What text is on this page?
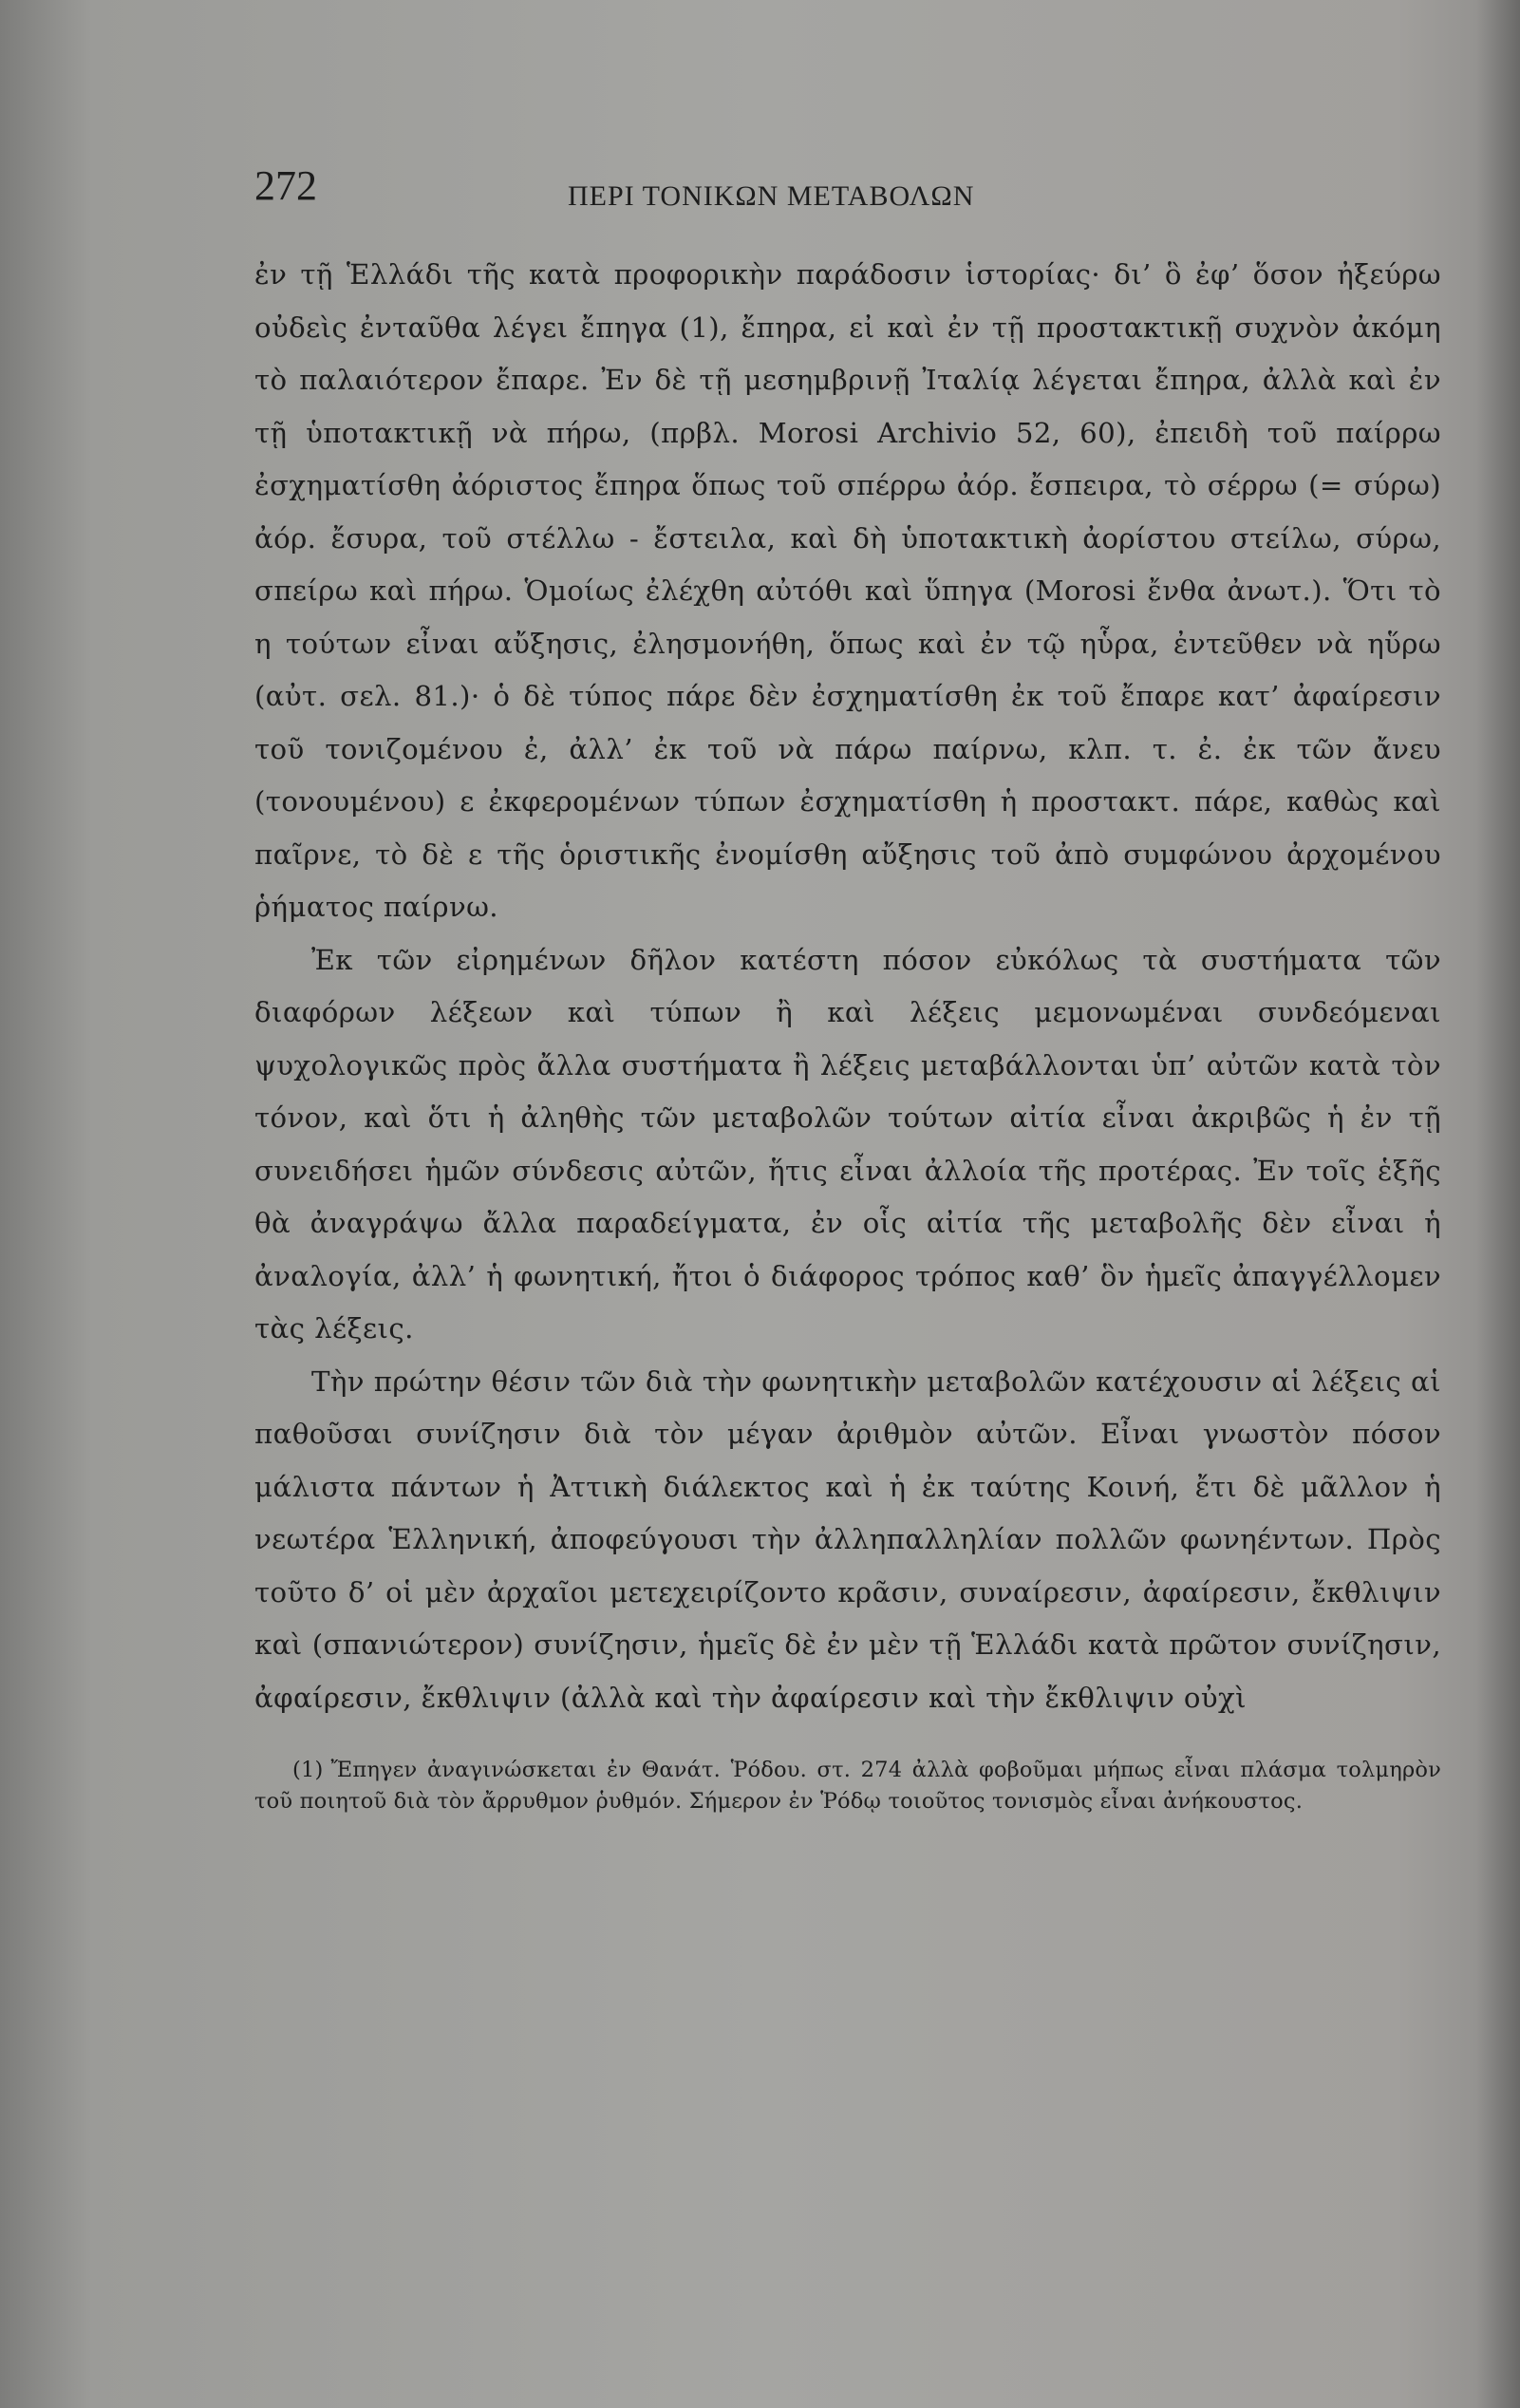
272	ΠΕΡΙ ΤΟΝΙΚΩΝ ΜΕΤΑΒΟΛΩΝ

ἐν τῇ Ἑλλάδι τῆς κατὰ προφορικὴν παράδοσιν ἱστορίας· δι’ ὃ ἐφ’ ὅσον ἠξεύρω οὐδεὶς ἐνταῦθα λέγει ἔπηγα (1), ἔπηρα, εἰ καὶ ἐν τῇ προστακτικῇ συχνὸν ἀκόμη τὸ παλαιότερον ἔπαρε. Ἐν δὲ τῇ μεσημβρινῇ Ἰταλίᾳ λέγεται ἔπηρα, ἀλλὰ καὶ ἐν τῇ ὑποτακτικῇ νὰ πήρω, (πρβλ. Morosi Archivio 52, 60), ἐπειδὴ τοῦ παίρρω ἐσχηματίσθη ἀόριστος ἔπηρα ὅπως τοῦ σπέρρω ἀόρ. ἔσπειρα, τὸ σέρρω (= σύρω) ἀόρ. ἔσυρα, τοῦ στέλλω - ἔστειλα, καὶ δὴ ὑποτακτικὴ ἀορίστου στείλω, σύρω, σπείρω καὶ πήρω. Ὁμοίως ἐλέχθη αὐτόθι καὶ ὕπηγα (Morosi ἔνθα ἀνωτ.). Ὅτι τὸ η τούτων εἶναι αὔξησις, ἐλησμονήθη, ὅπως καὶ ἐν τῷ ηὗρα, ἐντεῦθεν νὰ ηὕρω (αὐτ. σελ. 81.)· ὁ δὲ τύπος πάρε δὲν ἐσχηματίσθη ἐκ τοῦ ἔπαρε κατ’ ἀφαίρεσιν τοῦ τονιζομένου ἐ, ἀλλ’ ἐκ τοῦ νὰ πάρω παίρνω, κλπ. τ. ἐ. ἐκ τῶν ἄνευ (τονουμένου) ε ἐκφερομένων τύπων ἐσχηματίσθη ἡ προστακτ. πάρε, καθὼς καὶ παῖρνε, τὸ δὲ ε τῆς ὁριστικῆς ἐνομίσθη αὔξησις τοῦ ἀπὸ συμφώνου ἀρχομένου ῥήματος παίρνω.

Ἐκ τῶν εἰρημένων δῆλον κατέστη πόσον εὐκόλως τὰ συστήματα τῶν διαφόρων λέξεων καὶ τύπων ἢ καὶ λέξεις μεμονωμέναι συνδεόμεναι ψυχολογικῶς πρὸς ἄλλα συστήματα ἢ λέξεις μεταβάλλονται ὑπ’ αὐτῶν κατὰ τὸν τόνον, καὶ ὅτι ἡ ἀληθὴς τῶν μεταβολῶν τούτων αἰτία εἶναι ἀκριβῶς ἡ ἐν τῇ συνειδήσει ἡμῶν σύνδεσις αὐτῶν, ἥτις εἶναι ἀλλοία τῆς προτέρας. Ἐν τοῖς ἑξῆς θὰ ἀναγράψω ἄλλα παραδείγματα, ἐν οἷς αἰτία τῆς μεταβολῆς δὲν εἶναι ἡ ἀναλογία, ἀλλ’ ἡ φωνητική, ἤτοι ὁ διάφορος τρόπος καθ’ ὃν ἡμεῖς ἀπαγγέλλομεν τὰς λέξεις.

Τὴν πρώτην θέσιν τῶν διὰ τὴν φωνητικὴν μεταβολῶν κατέχουσιν αἱ λέξεις αἱ παθοῦσαι συνίζησιν διὰ τὸν μέγαν ἀριθμὸν αὐτῶν. Εἶναι γνωστὸν πόσον μάλιστα πάντων ἡ Ἀττικὴ διάλεκτος καὶ ἡ ἐκ ταύτης Κοινή, ἔτι δὲ μᾶλλον ἡ νεωτέρα Ἑλληνική, ἀποφεύγουσι τὴν ἀλληπαλληλίαν πολλῶν φωνηέντων. Πρὸς τοῦτο δ’ οἱ μὲν ἀρχαῖοι μετεχειρίζοντο κρᾶσιν, συναίρεσιν, ἀφαίρεσιν, ἔκθλιψιν καὶ (σπανιώτερον) συνίζησιν, ἡμεῖς δὲ ἐν μὲν τῇ Ἑλλάδι κατὰ πρῶτον συνίζησιν, ἀφαίρεσιν, ἔκθλιψιν (ἀλλὰ καὶ τὴν ἀφαίρεσιν καὶ τὴν ἔκθλιψιν οὐχὶ

(1) Ἔπηγεν ἀναγινώσκεται ἐν Θανάτ. Ῥόδου. στ. 274 ἀλλὰ φοβοῦμαι μήπως εἶναι πλάσμα τολμηρὸν τοῦ ποιητοῦ διὰ τὸν ἄρρυθμον ῥυθμόν. Σήμερον ἐν Ῥόδῳ τοιοῦτος τονισμὸς εἶναι ἀνήκουστος.
